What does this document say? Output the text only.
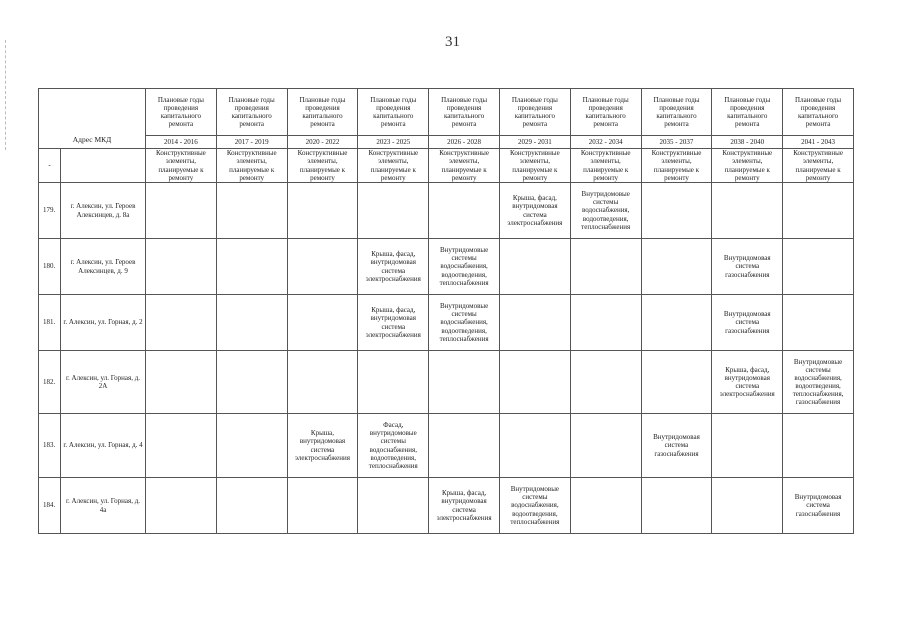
31
Адрес МКД		Плановые годы проведения капитального ремонта	Плановые годы проведения капитального ремонта	Плановые годы проведения капитального ремонта	Плановые годы проведения капитального ремонта	Плановые годы проведения капитального ремонта	Плановые годы проведения капитального ремонта	Плановые годы проведения капитального ремонта	Плановые годы проведения капитального ремонта	Плановые годы проведения капитального ремонта	Плановые годы проведения капитального ремонта
		2014 - 2016	2017 - 2019	2020 - 2022	2023 - 2025	2026 - 2028	2029 - 2031	2032 - 2034	2035 - 2037	2038 - 2040	2041 - 2043
-		Конструктивные элементы, планируемые к ремонту	Конструктивные элементы, планируемые к ремонту	Конструктивные элементы, планируемые к ремонту	Конструктивные элементы, планируемые к ремонту	Конструктивные элементы, планируемые к ремонту	Конструктивные элементы, планируемые к ремонту	Конструктивные элементы, планируемые к ремонту	Конструктивные элементы, планируемые к ремонту	Конструктивные элементы, планируемые к ремонту	Конструктивные элементы, планируемые к ремонту
179.	г. Алексин, ул. Героев Алексинцев, д. 8а						Крыша, фасад, внутридомовая система электроснабжения	Внутридомовые системы водоснабжения, водоотведения, теплоснабжения			
180.	г. Алексин, ул. Героев Алексинцев, д. 9				Крыша, фасад, внутридомовая система электроснабжения	Внутридомовые системы водоснабжения, водоотведения, теплоснабжения				Внутридомовая система газоснабжения	
181.	г. Алексин, ул. Горная, д. 2				Крыша, фасад, внутридомовая система электроснабжения	Внутридомовые системы водоснабжения, водоотведения, теплоснабжения				Внутридомовая система газоснабжения	
182.	г. Алексин, ул. Горная, д. 2А									Крыша, фасад, внутридомовая система электроснабжения	Внутридомовые системы водоснабжения, водоотведения, теплоснабжения, газоснабжения
183.	г. Алексин, ул. Горная, д. 4			Крыша, внутридомовая система электроснабжения	Фасад, внутридомовые системы водоснабжения, водоотведения, теплоснабжения				Внутридомовая система газоснабжения		
184.	г. Алексин, ул. Горная, д. 4а					Крыша, фасад, внутридомовая система электроснабжения	Внутридомовые системы водоснабжения, водоотведения, теплоснабжения				Внутридомовая система газоснабжения
